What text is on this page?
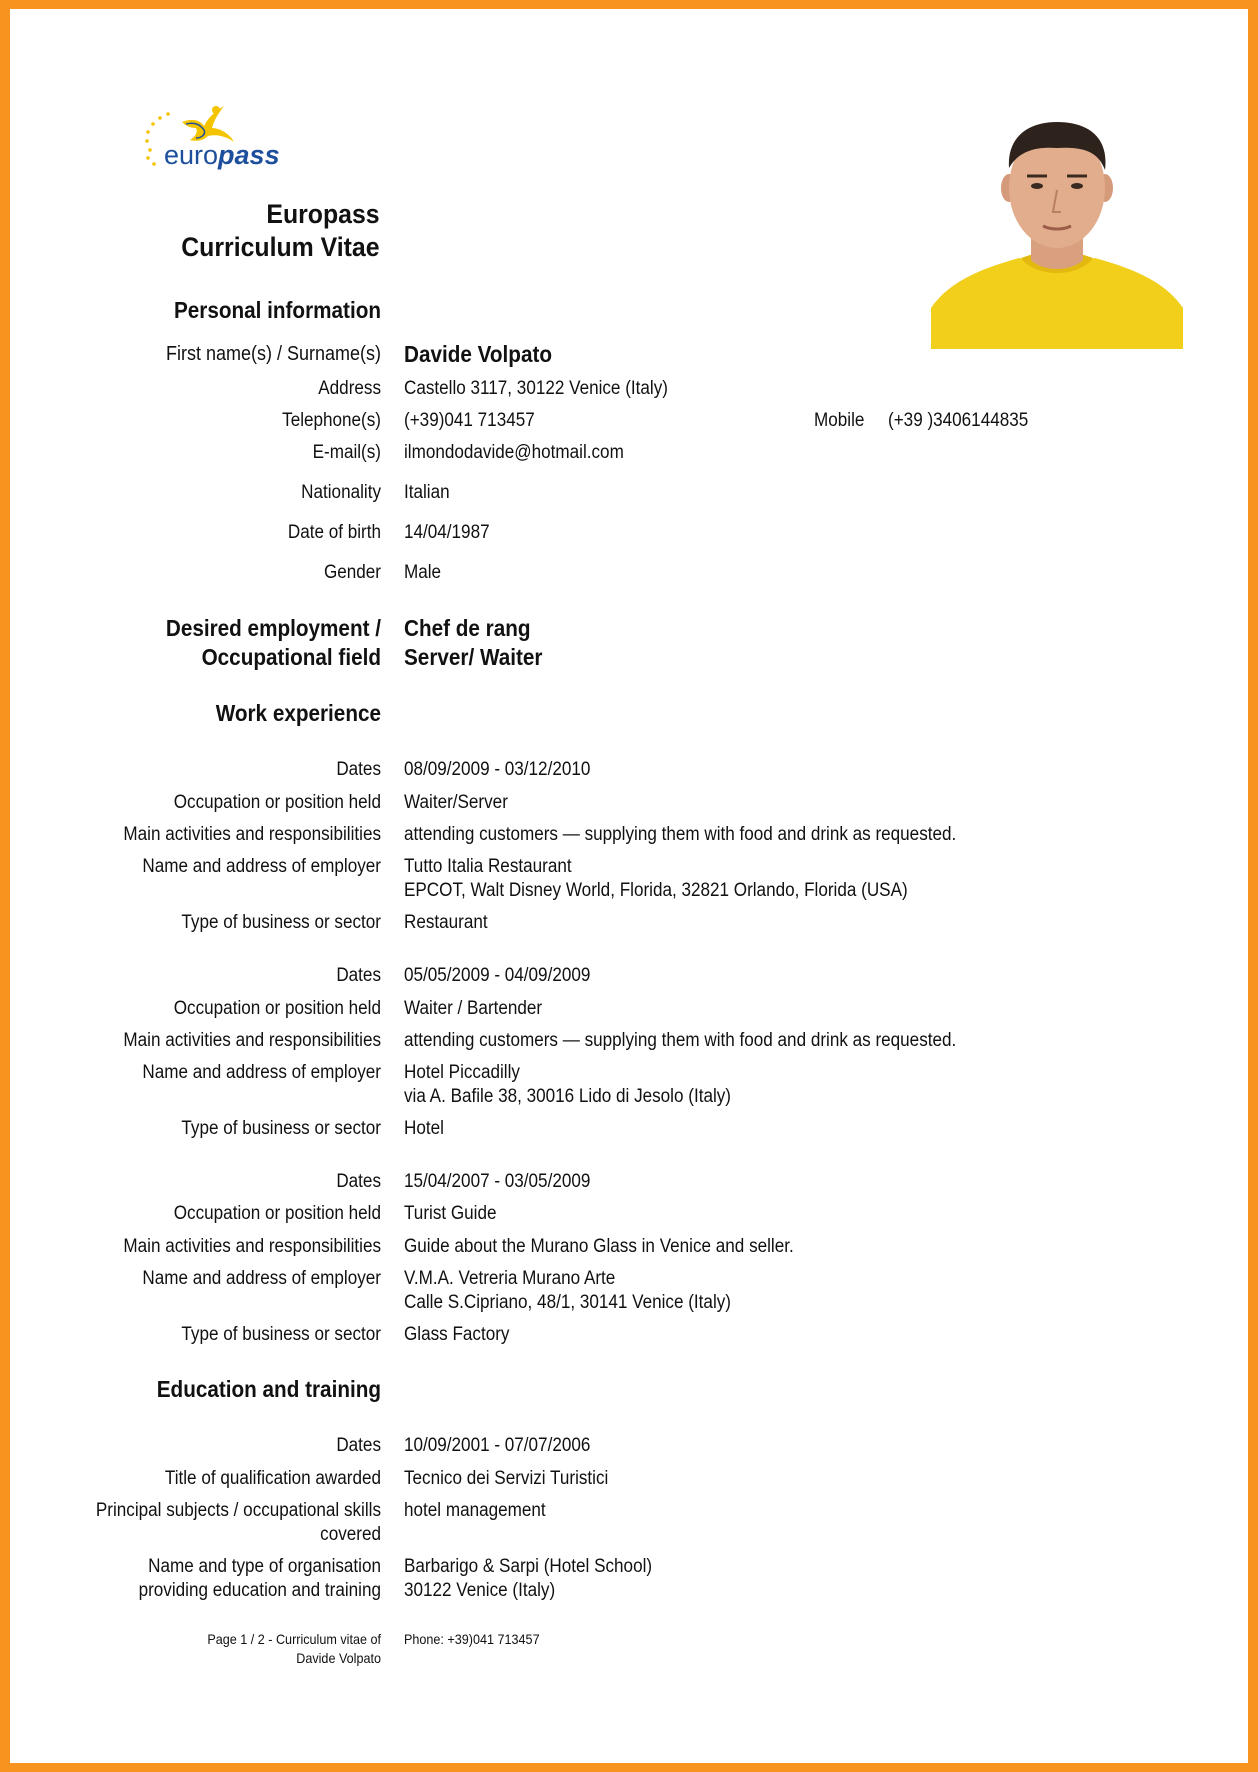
europass
Europass
Curriculum Vitae
Personal information
First name(s) / Surname(s) Davide Volpato
Address Castello 3117, 30122 Venice (Italy)
Telephone(s) (+39)041 713457	Mobile (+39 )3406144835
E-mail(s) ilmondodavide@hotmail.com
Nationality Italian
Date of birth 14/04/1987
Gender Male
Desired employment /
Occupational field
Chef de rang
Server/ Waiter
Work experience
Dates 08/09/2009 - 03/12/2010
Occupation or position held Waiter/Server
Main activities and responsibilities attending customers — supplying them with food and drink as requested.
Name and address of employer Tutto Italia Restaurant
EPCOT, Walt Disney World, Florida, 32821 Orlando, Florida (USA)
Type of business or sector Restaurant
Dates 05/05/2009 - 04/09/2009
Occupation or position held Waiter / Bartender
Main activities and responsibilities attending customers — supplying them with food and drink as requested.
Name and address of employer Hotel Piccadilly
via A. Bafile 38, 30016 Lido di Jesolo (Italy)
Type of business or sector Hotel
Dates 15/04/2007 - 03/05/2009
Occupation or position held Turist Guide
Main activities and responsibilities Guide about the Murano Glass in Venice and seller.
Name and address of employer V.M.A. Vetreria Murano Arte
Calle S.Cipriano, 48/1, 30141 Venice (Italy)
Type of business or sector Glass Factory
Education and training
Dates 10/09/2001 - 07/07/2006
Title of qualification awarded Tecnico dei Servizi Turistici
Principal subjects / occupational skills
covered
hotel management
Name and type of organisation
providing education and training
Barbarigo & Sarpi (Hotel School)
30122 Venice (Italy)
Page 1 / 2 - Curriculum vitae of
Davide Volpato
Phone: +39)041 713457
